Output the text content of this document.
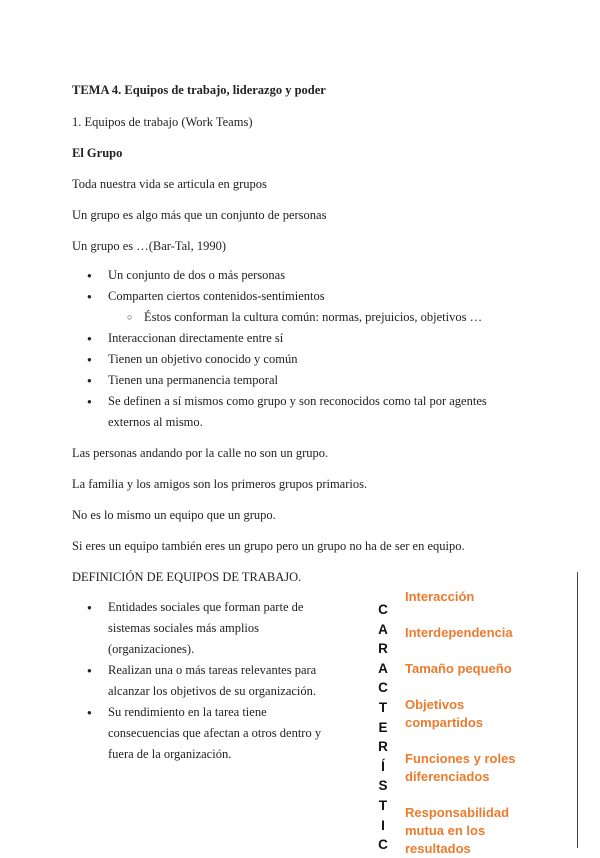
TEMA 4. Equipos de trabajo, liderazgo y poder
1. Equipos de trabajo (Work Teams)
El Grupo
Toda nuestra vida se articula en grupos
Un grupo es algo más que un conjunto de personas
Un grupo es …(Bar-Tal, 1990)
● Un conjunto de dos o más personas
● Comparten ciertos contenidos-sentimientos
○ Éstos conforman la cultura común: normas, prejuicios, objetivos …
● Interaccionan directamente entre sí
● Tienen un objetivo conocido y común
● Tienen una permanencia temporal
● Se definen a sí mismos como grupo y son reconocidos como tal por agentes
externos al mismo.
Las personas andando por la calle no son un grupo.
La familia y los amigos son los primeros grupos primarios.
No es lo mismo un equipo que un grupo.
Si eres un equipo también eres un grupo pero un grupo no ha de ser en equipo.
DEFINICIÓN DE EQUIPOS DE TRABAJO.
● Entidades sociales que forman parte de
sistemas sociales más amplios
(organizaciones).
● Realizan una o más tareas relevantes para
alcanzar los objetivos de su organización.
● Su rendimiento en la tarea tiene
consecuencias que afectan a otros dentro y
fuera de la organización.
C
A
R
A
C
T
E
R
Í
S
T
I
C
Interacción
Interdependencia
Tamaño pequeño
Objetivos
compartidos
Funciones y roles
diferenciados
Responsabilidad
mutua en los
resultados
